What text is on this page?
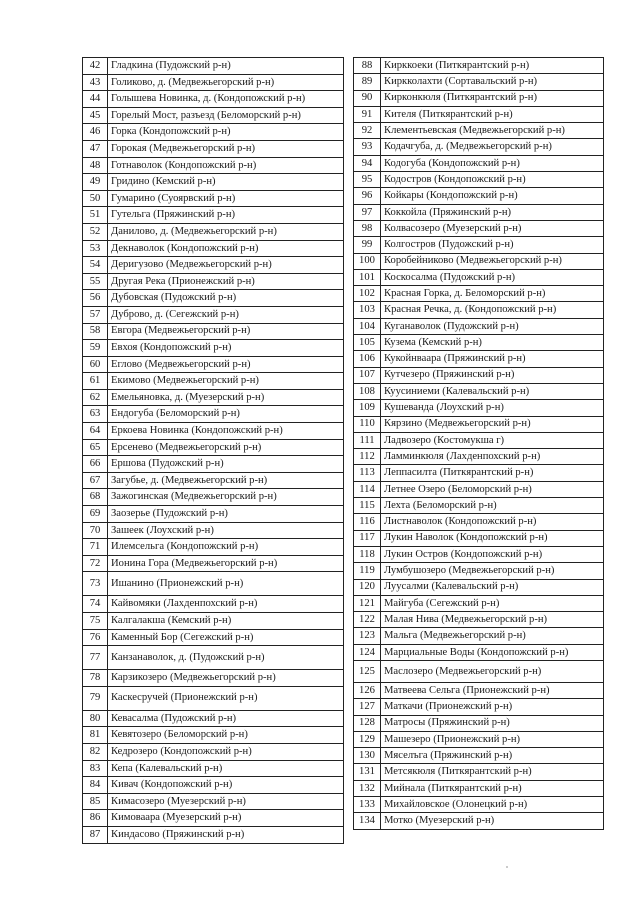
42	Гладкина (Пудожский р-н)
43	Голиково, д. (Медвежьегорский р-н)
44	Голышева Новинка, д. (Кондопожский р-н)
45	Горелый Мост, разъезд (Беломорский р-н)
46	Горка (Кондопожский р-н)
47	Горокая (Медвежьегорский р-н)
48	Готнаволок (Кондопожский р-н)
49	Гридино (Кемский р-н)
50	Гумарино (Суоярвский р-н)
51	Гутельга (Пряжинский р-н)
52	Данилово, д. (Медвежьегорский р-н)
53	Декнаволок (Кондопожский р-н)
54	Деригузово (Медвежьегорский р-н)
55	Другая Река (Прионежский р-н)
56	Дубовская (Пудожский р-н)
57	Дуброво, д. (Сегежский р-н)
58	Евгора (Медвежьегорский р-н)
59	Евхоя (Кондопожский р-н)
60	Еглово (Медвежьегорский р-н)
61	Екимово (Медвежьегорский р-н)
62	Емельяновка, д. (Муезерский р-н)
63	Ендогуба (Беломорский р-н)
64	Еркоева Новинка (Кондопожский р-н)
65	Ерсенево (Медвежьегорский р-н)
66	Ершова (Пудожский р-н)
67	Загубье, д. (Медвежьегорский р-н)
68	Зажогинская (Медвежьегорский р-н)
69	Заозерье (Пудожский р-н)
70	Зашеек (Лоухский р-н)
71	Илемсельга (Кондопожский р-н)
72	Ионина Гора (Медвежьегорский р-н)
73	Ишанино (Прионежский р-н)
74	Кайвомяки (Лахденпохский р-н)
75	Калгалакша (Кемский р-н)
76	Каменный Бор (Сегежский р-н)
77	Канзанаволок, д. (Пудожский р-н)
78	Карзикозеро (Медвежьегорский р-н)
79	Каскесручей (Прионежский р-н)
80	Кевасалма (Пудожский р-н)
81	Кевятозеро (Беломорский р-н)
82	Кедрозеро (Кондопожский р-н)
83	Кепа (Калевальский р-н)
84	Кивач (Кондопожский р-н)
85	Кимасозеро (Муезерский р-н)
86	Кимоваара (Муезерский р-н)
87	Киндасово (Пряжинский р-н)
88	Кирккоеки (Питкярантский р-н)
89	Киркколахти (Сортавальский р-н)
90	Кирконкюля (Питкярантский р-н)
91	Кителя (Питкярантский р-н)
92	Клементьевская (Медвежьегорский р-н)
93	Кодачгуба, д. (Медвежьегорский р-н)
94	Кодогуба (Кондопожский р-н)
95	Кодостров (Кондопожский р-н)
96	Койкары (Кондопожский р-н)
97	Коккойла (Пряжинский р-н)
98	Колвасозеро (Муезерский р-н)
99	Колгостров (Пудожский р-н)
100	Коробейниково (Медвежьегорский р-н)
101	Коскосалма (Пудожский р-н)
102	Красная Горка, д. Беломорский р-н)
103	Красная Речка, д. (Кондопожский р-н)
104	Куганаволок (Пудожский р-н)
105	Куземa (Кемский р-н)
106	Кукойнваара (Пряжинский р-н)
107	Кутчезеро (Пряжинский р-н)
108	Куусиниеми (Калевальский р-н)
109	Кушеванда (Лоухский р-н)
110	Кярзино (Медвежьегорский р-н)
111	Ладвозеро (Костомукша г)
112	Ламминкюля (Лахденпохский р-н)
113	Леппасилта (Питкярантский р-н)
114	Летнее Озеро (Беломорский р-н)
115	Лехта (Беломорский р-н)
116	Листнаволок (Кондопожский р-н)
117	Лукин Наволок (Кондопожский р-н)
118	Лукин Остров (Кондопожский р-н)
119	Лумбушозеро (Медвежьегорский р-н)
120	Луусалми (Калевальский р-н)
121	Майгуба (Сегежский р-н)
122	Малая Нива (Медвежьегорский р-н)
123	Мальга (Медвежьегорский р-н)
124	Марциальные Воды (Кондопожский р-н)
125	Маслозеро (Медвежьегорский р-н)
126	Матвеева Сельга (Прионежский р-н)
127	Маткачи (Прионежский р-н)
128	Матросы (Пряжинский р-н)
129	Машезеро (Прионежский р-н)
130	Мяселъга (Пряжинский р-н)
131	Метсякюля (Питкярантский р-н)
132	Мийнала (Питкярантский р-н)
133	Михайловское (Олонецкий р-н)
134	Мотко (Муезерский р-н)
